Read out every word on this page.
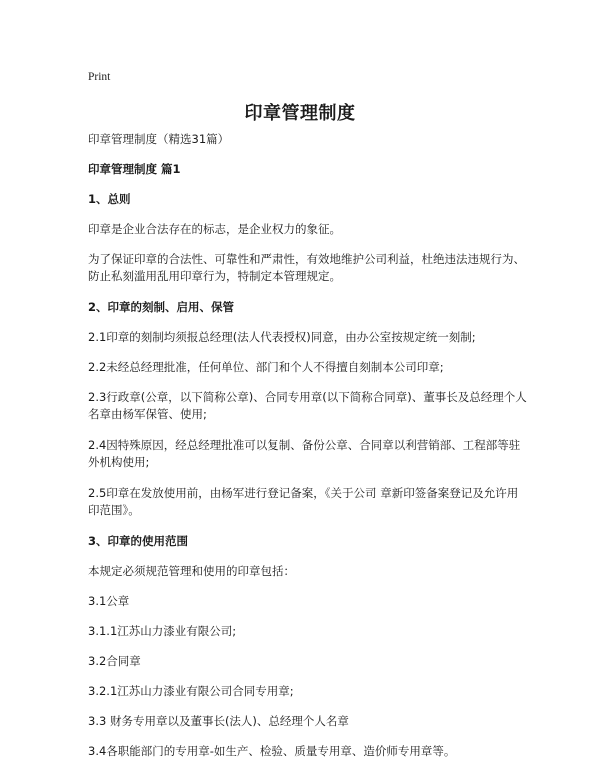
Print
印章管理制度

印章管理制度（精选31篇）

印章管理制度 篇1

1、总则

印章是企业合法存在的标志，是企业权力的象征。

为了保证印章的合法性、可靠性和严肃性，有效地维护公司利益，杜绝违法违规行为、防止私刻滥用乱用印章行为，特制定本管理规定。

2、印章的刻制、启用、保管

2.1印章的刻制均须报总经理(法人代表授权)同意，由办公室按规定统一刻制;

2.2未经总经理批准，任何单位、部门和个人不得擅自刻制本公司印章;

2.3行政章(公章，以下简称公章)、合同专用章(以下简称合同章)、董事长及总经理个人名章由杨军保管、使用;

2.4因特殊原因，经总经理批准可以复制、备份公章、合同章以利营销部、工程部等驻 外机构使用;

2.5印章在发放使用前，由杨军进行登记备案，《关于公司 章新印签备案登记及允许用印范围》。

3、印章的使用范围

本规定必须规范管理和使用的印章包括：

3.1公章

3.1.1江苏山力漆业有限公司;

3.2合同章

3.2.1江苏山力漆业有限公司合同专用章;

3.3 财务专用章以及董事长(法人)、总经理个人名章

3.4各职能部门的专用章-如生产、检验、质量专用章、造价师专用章等。
